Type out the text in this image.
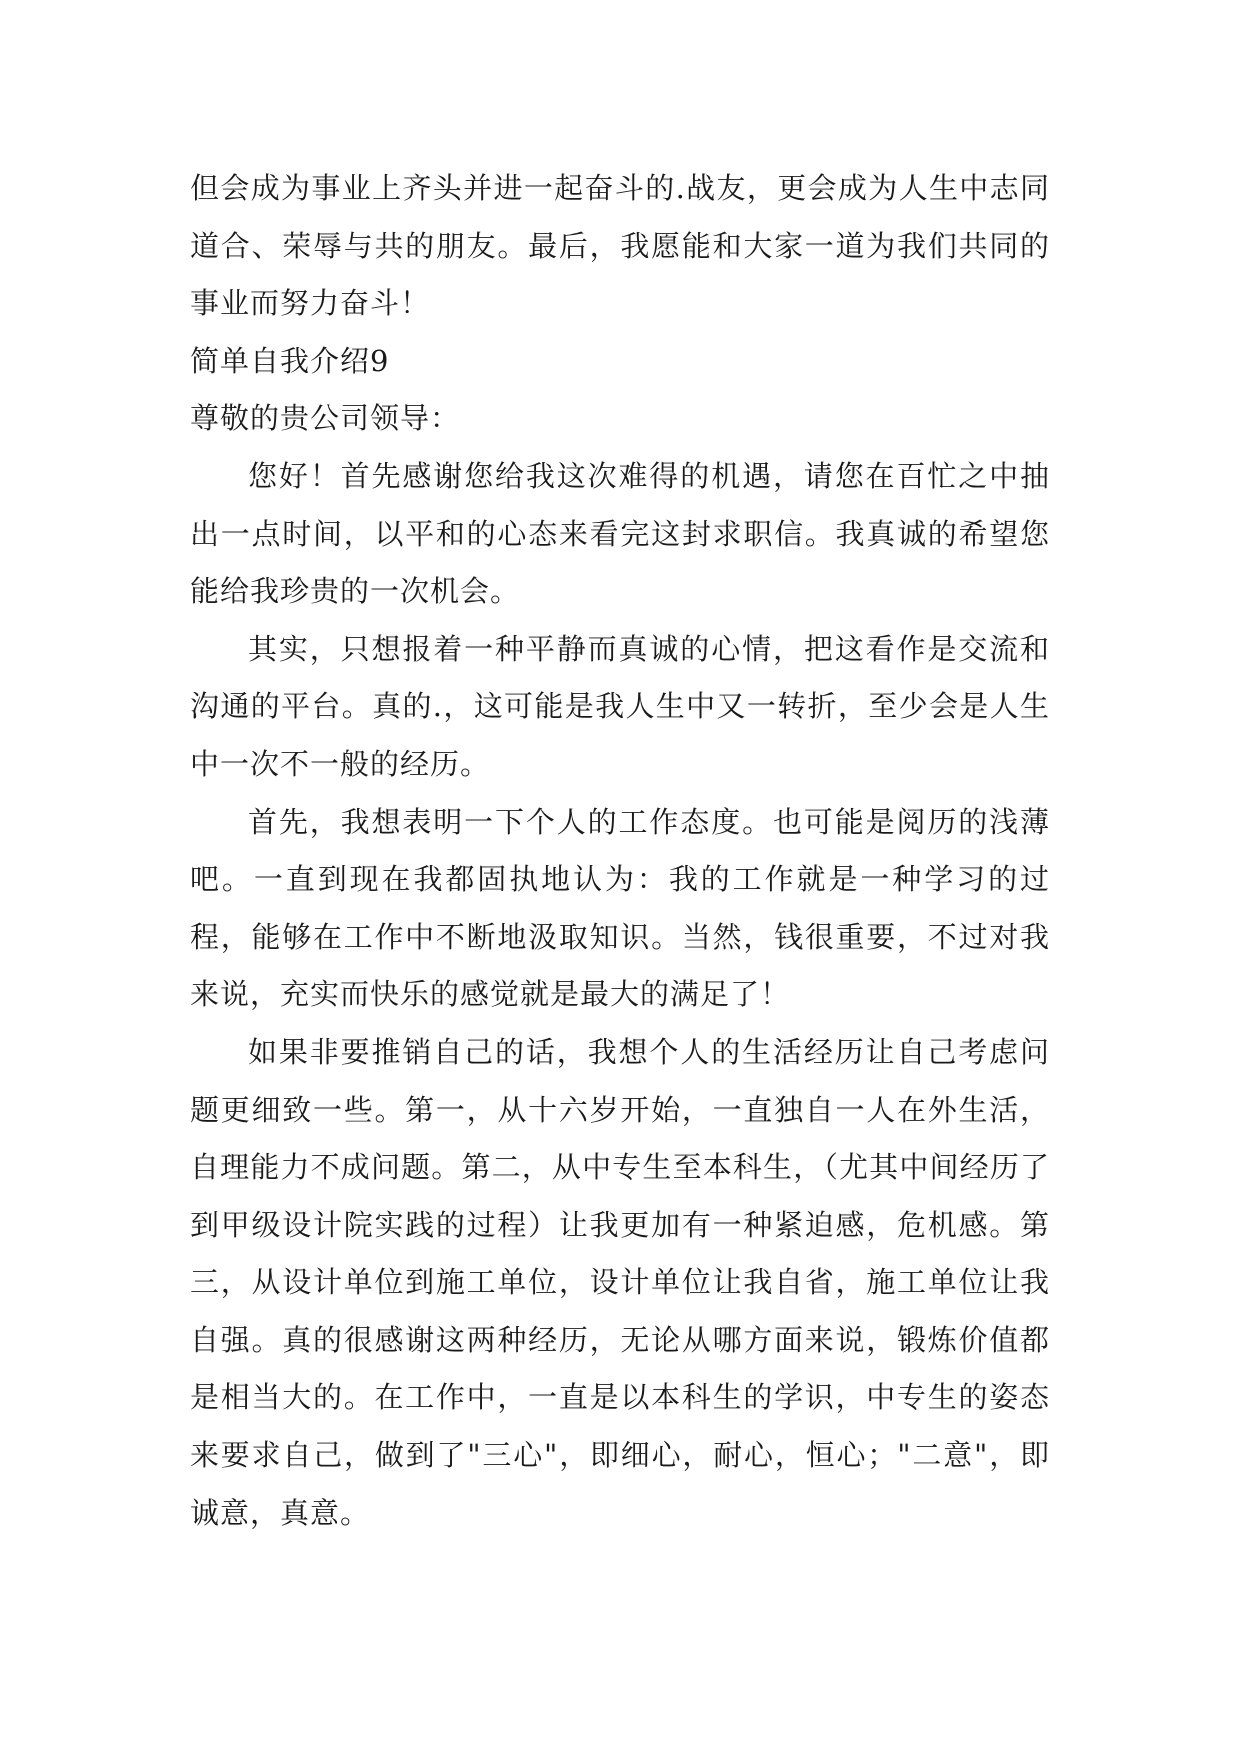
但会成为事业上齐头并进一起奋斗的.战友，更会成为人生中志同道合、荣辱与共的朋友。最后，我愿能和大家一道为我们共同的事业而努力奋斗！

简单自我介绍9

尊敬的贵公司领导：

您好！首先感谢您给我这次难得的机遇，请您在百忙之中抽出一点时间，以平和的心态来看完这封求职信。我真诚的希望您能给我珍贵的一次机会。

其实，只想报着一种平静而真诚的心情，把这看作是交流和沟通的平台。真的.，这可能是我人生中又一转折，至少会是人生中一次不一般的经历。

首先，我想表明一下个人的工作态度。也可能是阅历的浅薄吧。一直到现在我都固执地认为：我的工作就是一种学习的过程，能够在工作中不断地汲取知识。当然，钱很重要，不过对我来说，充实而快乐的感觉就是最大的满足了！

如果非要推销自己的话，我想个人的生活经历让自己考虑问题更细致一些。第一，从十六岁开始，一直独自一人在外生活，自理能力不成问题。第二，从中专生至本科生，（尤其中间经历了到甲级设计院实践的过程）让我更加有一种紧迫感，危机感。第三，从设计单位到施工单位，设计单位让我自省，施工单位让我自强。真的很感谢这两种经历，无论从哪方面来说，锻炼价值都是相当大的。在工作中，一直是以本科生的学识，中专生的姿态来要求自己，做到了"三心"，即细心，耐心，恒心；"二意"，即诚意，真意。
